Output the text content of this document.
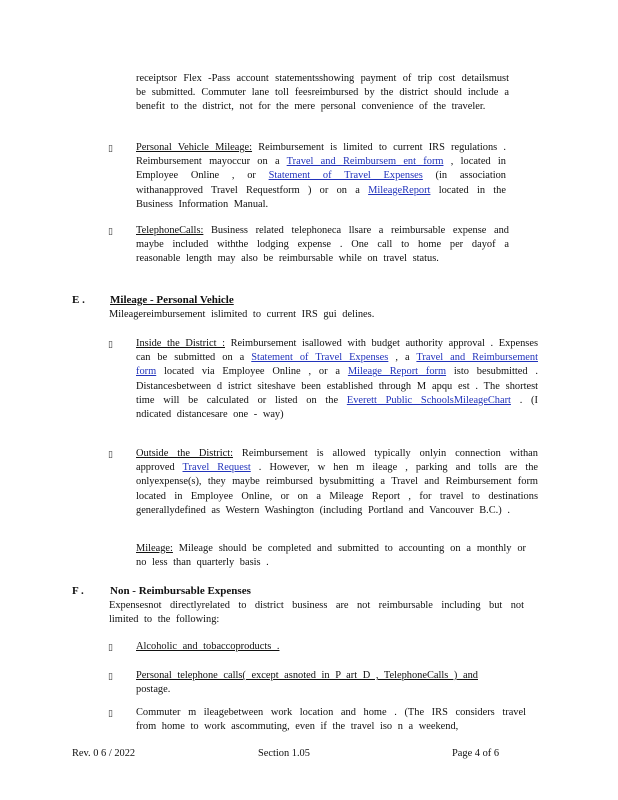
receiptsor Flex -Pass account statementsshowing payment of trip cost detailsmust be submitted. Commuter lane toll feesreimbursed by the district should include a benefit to the district, not for the mere personal convenience of the traveler.
▯ Personal Vehicle Mileage: Reimbursement is limited to current IRS regulations . Reimbursement mayoccur on a Travel and Reimbursem ent form , located in Employee Online , or Statement of Travel Expenses (in association withanapproved Travel Requestform ) or on a MileageReport located in the Business Information Manual.
▯ TelephoneCalls: Business related telephoneca llsare a reimbursable expense and maybe included withthe lodging expense . One call to home per dayof a reasonable length may also be reimbursable while on travel status.
E . Mileage - Personal Vehicle
Mileagereimbursement islimited to current IRS gui delines.
▯ Inside the District : Reimbursement isallowed with budget authority approval . Expenses can be submitted on a Statement of Travel Expenses , a Travel and Reimbursement form located via Employee Online , or a Mileage Report form isto besubmitted . Distancesbetween d istrict siteshave been established through M apqu est . The shortest time will be calculated or listed on the Everett Public SchoolsMileageChart . (I ndicated distancesare one - way)
▯ Outside the District: Reimbursement is allowed typically onlyin connection withan approved Travel Request . However, w hen m ileage , parking and tolls are the onlyexpense(s), they maybe reimbursed bysubmitting a Travel and Reimbursement form located in Employee Online, or on a Mileage Report , for travel to destinations generallydefined as Western Washington (including Portland and Vancouver B.C.) .
Mileage: Mileage should be completed and submitted to accounting on a monthly or no less than quarterly basis .
F . Non - Reimbursable Expenses
Expensesnot directlyrelated to district business are not reimbursable including but not limited to the following:
▯ Alcoholic and tobaccoproducts .
▯ Personal telephone calls( except asnoted in P art D , TelephoneCalls ) and
postage.
▯ Commuter m ileagebetween work location and home . (The IRS considers travel from home to work ascommuting, even if the travel iso n a weekend,
Rev. 0 6 / 2022	Section 1.05	Page 4 of 6
